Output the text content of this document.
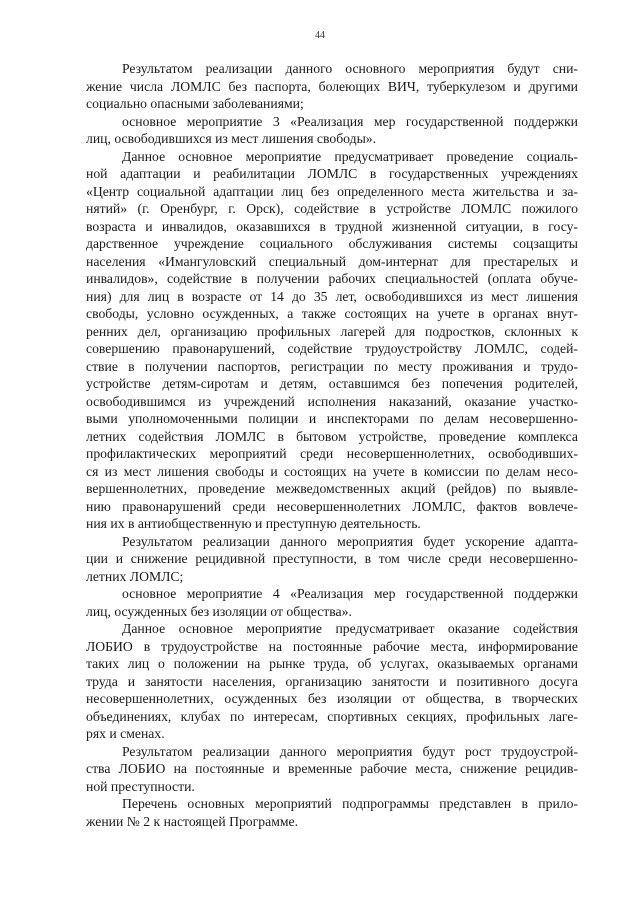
44
Результатом реализации данного основного мероприятия будут сни-
жение числа ЛОМЛС без паспорта, болеющих ВИЧ, туберкулезом и другими
социально опасными заболеваниями;
основное мероприятие 3 «Реализация мер государственной поддержки
лиц, освободившихся из мест лишения свободы».
Данное основное мероприятие предусматривает проведение социаль-
ной адаптации и реабилитации ЛОМЛС в государственных учреждениях
«Центр социальной адаптации лиц без определенного места жительства и за-
нятий» (г. Оренбург, г. Орск), содействие в устройстве ЛОМЛС пожилого
возраста и инвалидов, оказавшихся в трудной жизненной ситуации, в госу-
дарственное учреждение социального обслуживания системы соцзащиты
населения «Имангуловский специальный дом-интернат для престарелых и
инвалидов», содействие в получении рабочих специальностей (оплата обуче-
ния) для лиц в возрасте от 14 до 35 лет, освободившихся из мест лишения
свободы, условно осужденных, а также состоящих на учете в органах внут-
ренних дел, организацию профильных лагерей для подростков, склонных к
совершению правонарушений, содействие трудоустройству ЛОМЛС, содей-
ствие в получении паспортов, регистрации по месту проживания и трудо-
устройстве детям-сиротам и детям, оставшимся без попечения родителей,
освободившимся из учреждений исполнения наказаний, оказание участко-
выми уполномоченными полиции и инспекторами по делам несовершенно-
летних содействия ЛОМЛС в бытовом устройстве, проведение комплекса
профилактических мероприятий среди несовершеннолетних, освободивших-
ся из мест лишения свободы и состоящих на учете в комиссии по делам несо-
вершеннолетних, проведение межведомственных акций (рейдов) по выявле-
нию правонарушений среди несовершеннолетних ЛОМЛС, фактов вовлече-
ния их в антиобщественную и преступную деятельность.
Результатом реализации данного мероприятия будет ускорение адапта-
ции и снижение рецидивной преступности, в том числе среди несовершенно-
летних ЛОМЛС;
основное мероприятие 4 «Реализация мер государственной поддержки
лиц, осужденных без изоляции от общества».
Данное основное мероприятие предусматривает оказание содействия
ЛОБИО в трудоустройстве на постоянные рабочие места, информирование
таких лиц о положении на рынке труда, об услугах, оказываемых органами
труда и занятости населения, организацию занятости и позитивного досуга
несовершеннолетних, осужденных без изоляции от общества, в творческих
объединениях, клубах по интересам, спортивных секциях, профильных лаге-
рях и сменах.
Результатом реализации данного мероприятия будут рост трудоустрой-
ства ЛОБИО на постоянные и временные рабочие места, снижение рецидив-
ной преступности.
Перечень основных мероприятий подпрограммы представлен в прило-
жении № 2 к настоящей Программе.
